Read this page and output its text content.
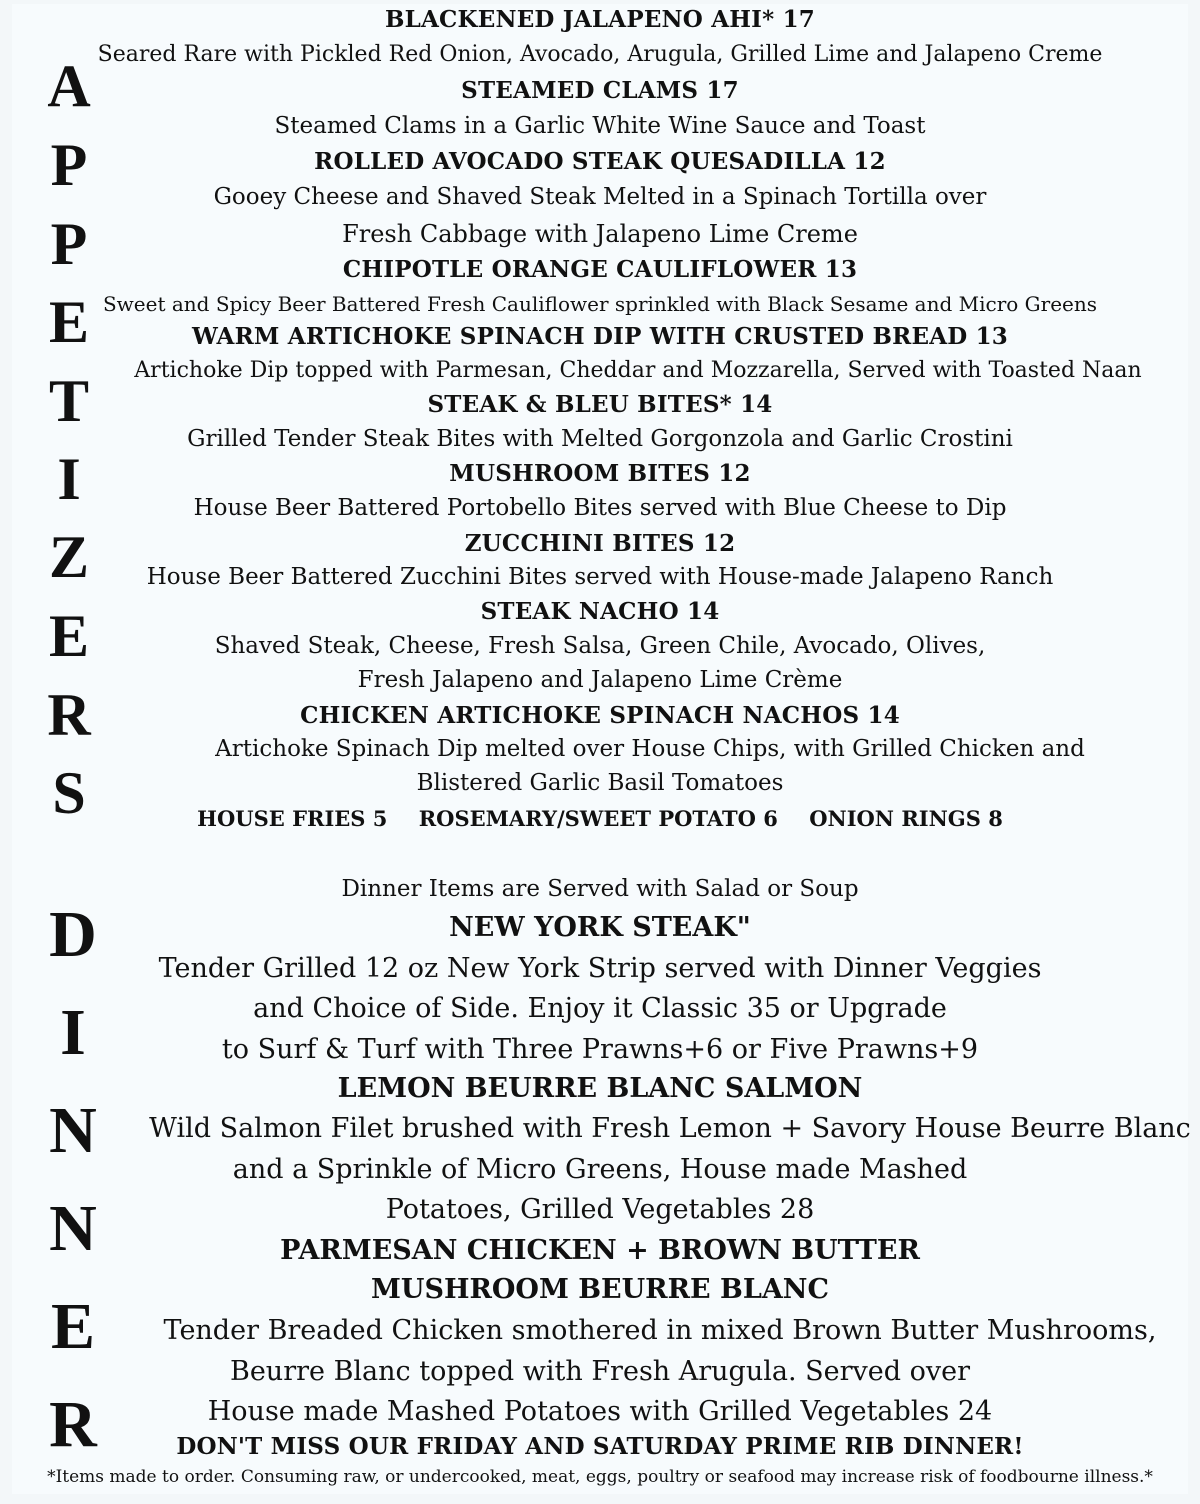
A
P
P
E
T
I
Z
E
R
S
D
I
N
N
E
R
BLACKENED JALAPENO AHI* 17
Seared Rare with Pickled Red Onion, Avocado, Arugula, Grilled Lime and Jalapeno Creme
STEAMED CLAMS 17
Steamed Clams in a Garlic White Wine Sauce and Toast
ROLLED AVOCADO STEAK QUESADILLA 12
Gooey Cheese and Shaved Steak Melted in a Spinach Tortilla over
Fresh Cabbage with Jalapeno Lime Creme
CHIPOTLE ORANGE CAULIFLOWER 13
Sweet and Spicy Beer Battered Fresh Cauliflower sprinkled with Black Sesame and Micro Greens
WARM ARTICHOKE SPINACH DIP WITH CRUSTED BREAD 13
Artichoke Dip topped with Parmesan, Cheddar and Mozzarella, Served with Toasted Naan
STEAK & BLEU BITES* 14
Grilled Tender Steak Bites with Melted Gorgonzola and Garlic Crostini
MUSHROOM BITES 12
House Beer Battered Portobello Bites served with Blue Cheese to Dip
ZUCCHINI BITES 12
House Beer Battered Zucchini Bites served with House-made Jalapeno Ranch
STEAK NACHO 14
Shaved Steak, Cheese, Fresh Salsa, Green Chile, Avocado, Olives,
Fresh Jalapeno and Jalapeno Lime Crème
CHICKEN ARTICHOKE SPINACH NACHOS 14
Artichoke Spinach Dip melted over House Chips, with Grilled Chicken and
Blistered Garlic Basil Tomatoes
HOUSE FRIES 5 ROSEMARY/SWEET POTATO 6 ONION RINGS 8
Dinner Items are Served with Salad or Soup
NEW YORK STEAK"
Tender Grilled 12 oz New York Strip served with Dinner Veggies
and Choice of Side. Enjoy it Classic 35 or Upgrade
to Surf & Turf with Three Prawns+6 or Five Prawns+9
LEMON BEURRE BLANC SALMON
Wild Salmon Filet brushed with Fresh Lemon + Savory House Beurre Blanc
and a Sprinkle of Micro Greens, House made Mashed
Potatoes, Grilled Vegetables 28
PARMESAN CHICKEN + BROWN BUTTER
MUSHROOM BEURRE BLANC
Tender Breaded Chicken smothered in mixed Brown Butter Mushrooms,
Beurre Blanc topped with Fresh Arugula. Served over
House made Mashed Potatoes with Grilled Vegetables 24
DON'T MISS OUR FRIDAY AND SATURDAY PRIME RIB DINNER!
*Items made to order. Consuming raw, or undercooked, meat, eggs, poultry or seafood may increase risk of foodbourne illness.*
